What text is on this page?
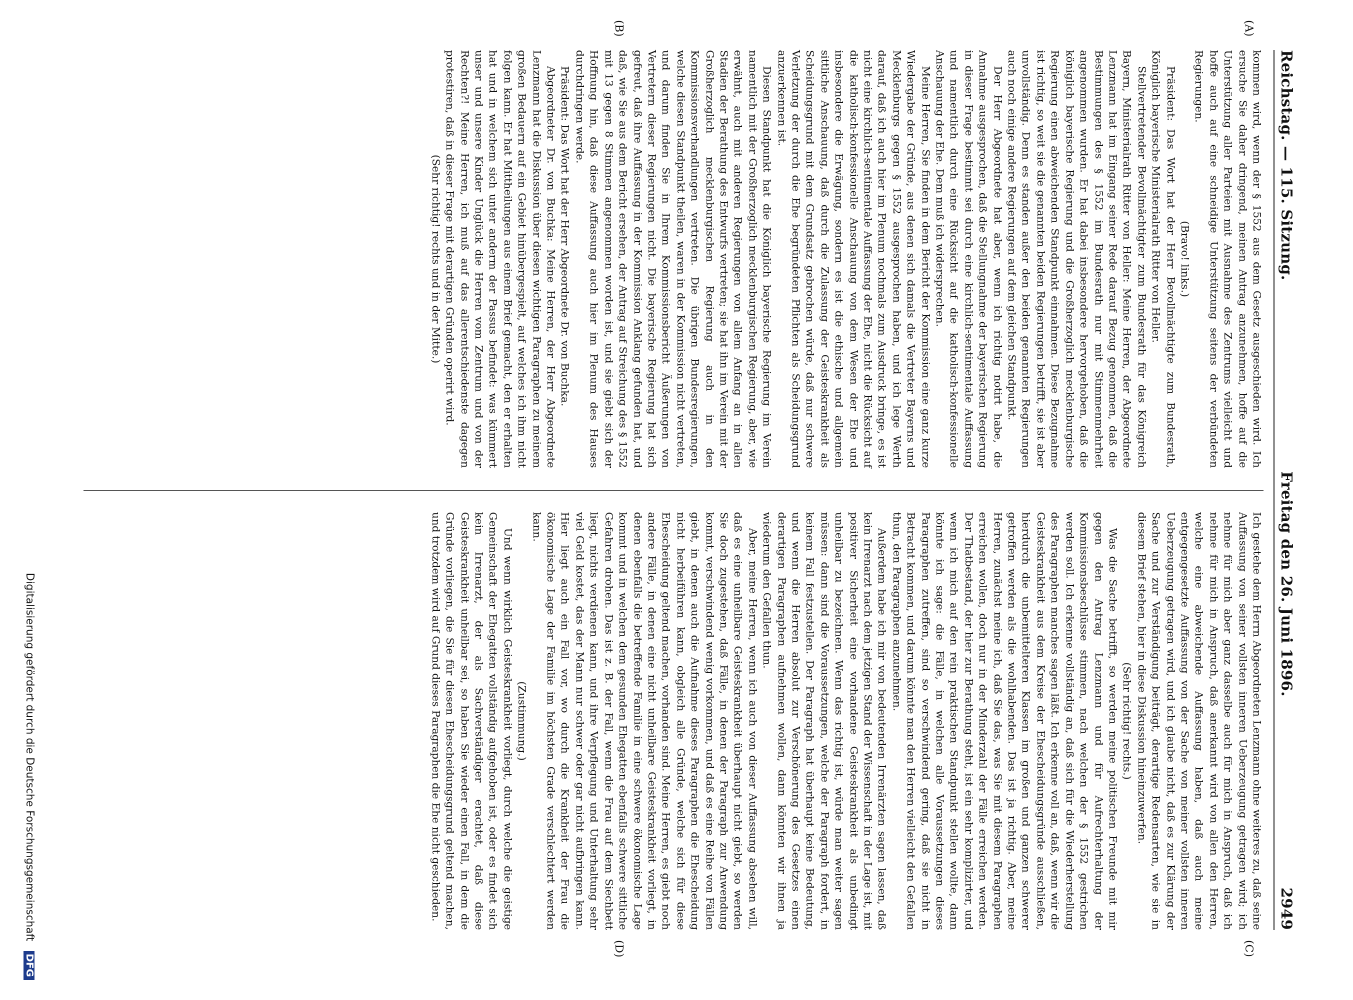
Reichstag. — 115. Sitzung.
Freitag den 26. Juni 1896.
2949
(A)
(B)
(C)
(D)

kommen wird, wenn der § 1552 aus dem Gesetz ausgeschieden wird. Ich ersuche Sie daher dringend, meinen Antrag anzunehmen, hoffe auf die Unterstützung aller Parteien mit Ausnahme des Zentrums vielleicht und hoffe auch auf eine schneidige Unterstützung seitens der verbündeten Regierungen.

(Bravo! links.)

Präsident: Das Wort hat der Herr Bevollmächtigte zum Bundesrath, Königlich bayerische Ministerialrath Ritter von Heller.

Stellvertretender Bevollmächtigter zum Bundesrath für das Königreich Bayern, Ministerialrath Ritter von Heller: Meine Herren, der Abgeordnete Lenzmann hat im Eingang seiner Rede darauf Bezug genommen, daß die Bestimmungen des § 1552 im Bundesrath nur mit Stimmenmehrheit angenommen wurden. Er hat dabei insbesondere hervorgehoben, daß die königlich bayerische Regierung und die Großherzoglich mecklenburgische Regierung einen abweichenden Standpunkt einnahmen. Diese Bezugnahme ist richtig, so weit sie die genannten beiden Regierungen betrifft, sie ist aber unvollständig. Denn es standen außer den beiden genannten Regierungen auch noch einige andere Regierungen auf dem gleichen Standpunkt.

Der Herr Abgeordnete hat aber, wenn ich richtig notirt habe, die Annahme ausgesprochen, daß die Stellungnahme der bayerischen Regierung in dieser Frage bestimmt sei durch eine kirchlich-sentimentale Auffassung und namentlich durch eine Rücksicht auf die katholisch-konfessionelle Anschauung der Ehe. Dem muß ich widersprechen.

Meine Herren, Sie finden in dem Bericht der Kommission eine ganz kurze Wiedergabe der Gründe, aus denen sich damals die Vertreter Bayerns und Mecklenburgs gegen § 1552 ausgesprochen haben, und ich lege Werth darauf, daß ich auch hier im Plenum nochmals zum Ausdruck bringe, es ist nicht eine kirchlich-sentimentale Auffassung der Ehe, nicht die Rücksicht auf die katholisch-konfessionelle Anschauung von dem Wesen der Ehe und insbesondere die Erwägung, sondern es ist die ethische und allgemein sittliche Anschauung, daß durch die Zulassung der Geisteskrankheit als Scheidungsgrund mit dem Grundsatz gebrochen würde, daß nur schwere Verletzung der durch die Ehe begründeten Pflichten als Scheidungsgrund anzuerkennen ist.

Diesen Standpunkt hat die Königlich bayerische Regierung im Verein namentlich mit der Großherzoglich mecklenburgischen Regierung, aber, wie erwähnt, auch mit anderen Regierungen von allem Anfang an in allen Stadien der Berathung des Entwurfs vertreten; sie hat ihn im Verein mit der Großherzoglich mecklenburgischen Regierung auch in den Kommissionsverhandlungen vertreten. Die übrigen Bundesregierungen, welche diesen Standpunkt theilen, waren in der Kommission nicht vertreten, und darum finden Sie in Ihrem Kommissionsbericht Äußerungen von Vertretern dieser Regierungen nicht. Die bayerische Regierung hat sich gefreut, daß ihre Auffassung in der Kommission Anklang gefunden hat, und daß, wie Sie aus dem Bericht ersehen, der Antrag auf Streichung des § 1552 mit 13 gegen 8 Stimmen angenommen worden ist, und sie giebt sich der Hoffnung hin, daß diese Auffassung auch hier im Plenum des Hauses durchdringen werde.

Präsident: Das Wort hat der Herr Abgeordnete Dr. von Buchka.

Abgeordneter Dr. von Buchka: Meine Herren, der Herr Abgeordnete Lenzmann hat die Diskussion über diesen wichtigen Paragraphen zu meinem großen Bedauern auf ein Gebiet hinübergespielt, auf welches ich ihm nicht folgen kann. Er hat Mittheilungen aus einem Brief gemacht, den er erhalten hat und in welchem sich unter anderm der Passus befindet: was kümmert unser und unsere Kinder Unglück die Herren vom Zentrum und von der Rechten?! Meine Herren, ich muß auf das allerentschiedenste dagegen protestiren, daß in dieser Frage mit derartigen Gründen operirt wird.

(Sehr richtig! rechts und in der Mitte.)

Ich gestehe dem Herrn Abgeordneten Lenzmann ohne weiteres zu, daß seine Auffassung von seiner vollsten inneren Ueberzeugung getragen wird; ich nehme für mich aber ganz dasselbe auch für mich in Anspruch, daß ich nehme für mich in Anspruch, daß anerkannt wird von allen den Herren, welche eine abweichende Auffassung haben, daß auch meine entgegengesetzte Auffassung von der Sache von meiner vollsten inneren Ueberzeugung getragen wird, und ich glaube nicht, daß es zur Klärung der Sache und zur Verständigung beiträgt, derartige Redensarten, wie sie in diesem Brief stehen, hier in diese Diskussion hineinzuwerfen.

(Sehr richtig! rechts.)

Was die Sache betrifft, so werden meine politischen Freunde mit mir gegen den Antrag Lenzmann und für Aufrechterhaltung der Kommissionsbeschlüsse stimmen, nach welchen der § 1552 gestrichen werden soll. Ich erkenne vollständig an, daß sich für die Wiederherstellung des Paragraphen manches sagen läßt. Ich erkenne voll an, daß, wenn wir die Geisteskrankheit aus dem Kreise der Ehescheidungsgründe ausschließen, hierdurch die unbemittelteren Klassen im großen und ganzen schwerer getroffen werden als die wohlhabenden. Das ist ja richtig. Aber, meine Herren, zunächst meine ich, daß Sie das, was Sie mit diesem Paragraphen erreichen wollen, doch nur in der Minderzahl der Fälle erreichen werden. Der Thatbestand, der hier zur Berathung steht, ist ein sehr komplizirter, und wenn ich mich auf den rein praktischen Standpunkt stellen wollte, dann könnte ich sage: die Fälle, in welchen alle Voraussetzungen dieses Paragraphen zutreffen, sind so verschwindend gering, daß sie nicht in Betracht kommen, und darum könnte man den Herren vielleicht den Gefallen thun, den Paragraphen anzunehmen.

Außerdem habe ich mir von bedeutenden Irrenärzten sagen lassen, daß kein Irrenarzt nach dem jetzigen Stand der Wissenschaft in der Lage ist, mit positiver Sicherheit eine vorhandene Geisteskrankheit als unbedingt unheilbar zu bezeichnen. Wenn das richtig ist, würde man weiter sagen müssen: dann sind die Voraussetzungen, welche der Paragraph fordert, in keinem Fall festzustellen. Der Paragraph hat überhaupt keine Bedeutung, und wenn die Herren absolut zur Verschönerung des Gesetzes einen derartigen Paragraphen aufnehmen wollen, dann könnten wir ihnen ja wiederum den Gefallen thun.

Aber, meine Herren, wenn ich auch von dieser Auffassung absehen will, daß es eine unheilbare Geisteskrankheit überhaupt nicht giebt, so werden Sie doch zugestehen, daß Fälle, in denen der Paragraph zur Anwendung kommt, verschwindend wenig vorkommen, und daß es eine Reihe von Fällen giebt, in denen auch die Aufnahme dieses Paragraphen die Ehescheidung nicht herbeiführen kann, obgleich alle Gründe, welche sich für diese Ehescheidung geltend machen, vorhanden sind. Meine Herren, es giebt noch andere Fälle, in denen eine nicht unheilbare Geisteskrankheit vorliegt, in denen ebenfalls die betreffende Familie in eine schwere ökonomische Lage kommt und in welchen dem gesunden Ehegatten ebenfalls schwere sittliche Gefahren drohen. Das ist z. B. der Fall, wenn die Frau auf dem Siechbett liegt, nichts verdienen kann, und ihre Verpflegung und Unterhaltung sehr viel Geld kostet, das der Mann nur schwer oder gar nicht aufbringen kann. Hier liegt auch ein Fall vor, wo durch die Krankheit der Frau die ökonomische Lage der Familie im höchsten Grade verschlechtert werden kann.

(Zustimmung.)

Und wenn wirklich Geisteskrankheit vorliegt, durch welche die geistige Gemeinschaft der Ehegatten vollständig aufgehoben ist, oder es findet sich kein Irrenarzt, der als Sachverständiger erachtet, daß diese Geisteskrankheit unheilbar sei, so haben Sie wieder einen Fall, in dem die Gründe vorliegen, die Sie für diesen Ehescheidungsgrund geltend machen, und trotzdem wird auf Grund dieses Paragraphen die Ehe nicht geschieden.

Digitalisierung gefördert durch die Deutsche Forschungsgemeinschaft DFG
